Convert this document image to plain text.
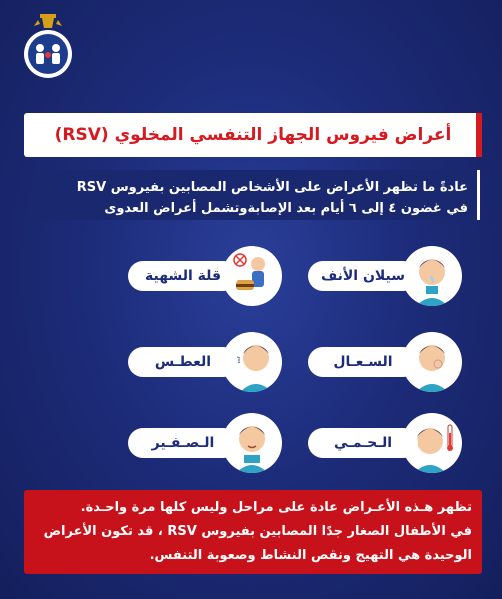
أعراض فيروس الجهاز التنفسي المخلوي (RSV)
عادةً ما تظهر الأعراض على الأشخاص المصابين بفيروس RSV
في غضون ٤ إلى ٦ أيام بعد الإصابةوتشمل أعراض العدوى
سيلان الأنف
السـعـال
الـحـمـي
قلة الشهية
العطـس
الـصـفـير
تظهر هـذه الأعـراض عادة على مراحل وليس كلها مرة واحـدة.
في الأطفال الصغار جدًا المصابين بفيروس RSV ، قد تكون الأعراض
الوحيدة هي التهيج ونقص النشاط وصعوبة التنفس.
